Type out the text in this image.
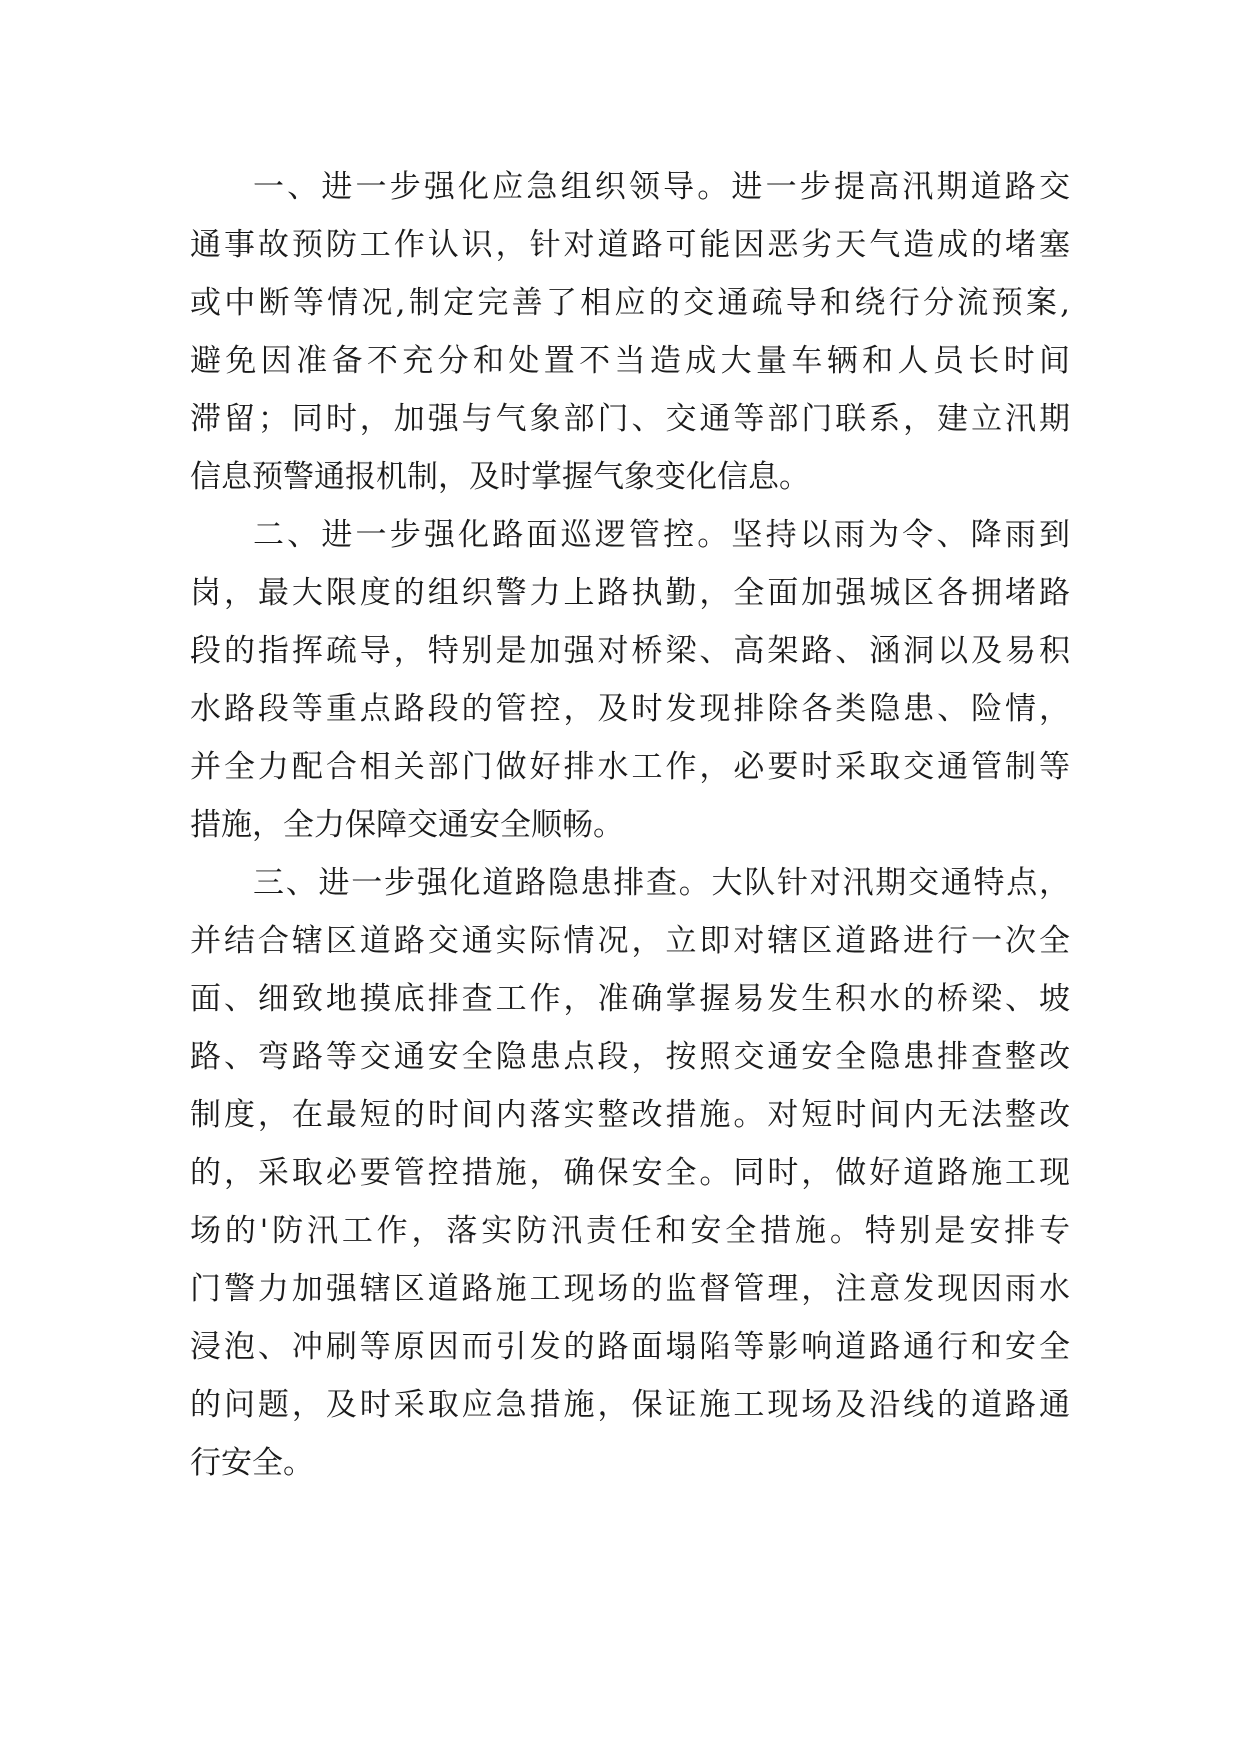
一、进一步强化应急组织领导。进一步提高汛期道路交
通事故预防工作认识，针对道路可能因恶劣天气造成的堵塞
或中断等情况,制定完善了相应的交通疏导和绕行分流预案,
避免因准备不充分和处置不当造成大量车辆和人员长时间
滞留；同时，加强与气象部门、交通等部门联系，建立汛期
信息预警通报机制，及时掌握气象变化信息。
二、进一步强化路面巡逻管控。坚持以雨为令、降雨到
岗，最大限度的组织警力上路执勤，全面加强城区各拥堵路
段的指挥疏导，特别是加强对桥梁、高架路、涵洞以及易积
水路段等重点路段的管控，及时发现排除各类隐患、险情，
并全力配合相关部门做好排水工作，必要时采取交通管制等
措施，全力保障交通安全顺畅。
三、进一步强化道路隐患排查。大队针对汛期交通特点，
并结合辖区道路交通实际情况，立即对辖区道路进行一次全
面、细致地摸底排查工作，准确掌握易发生积水的桥梁、坡
路、弯路等交通安全隐患点段，按照交通安全隐患排查整改
制度，在最短的时间内落实整改措施。对短时间内无法整改
的，采取必要管控措施，确保安全。同时，做好道路施工现
场的'防汛工作，落实防汛责任和安全措施。特别是安排专
门警力加强辖区道路施工现场的监督管理，注意发现因雨水
浸泡、冲刷等原因而引发的路面塌陷等影响道路通行和安全
的问题，及时采取应急措施，保证施工现场及沿线的道路通
行安全。
